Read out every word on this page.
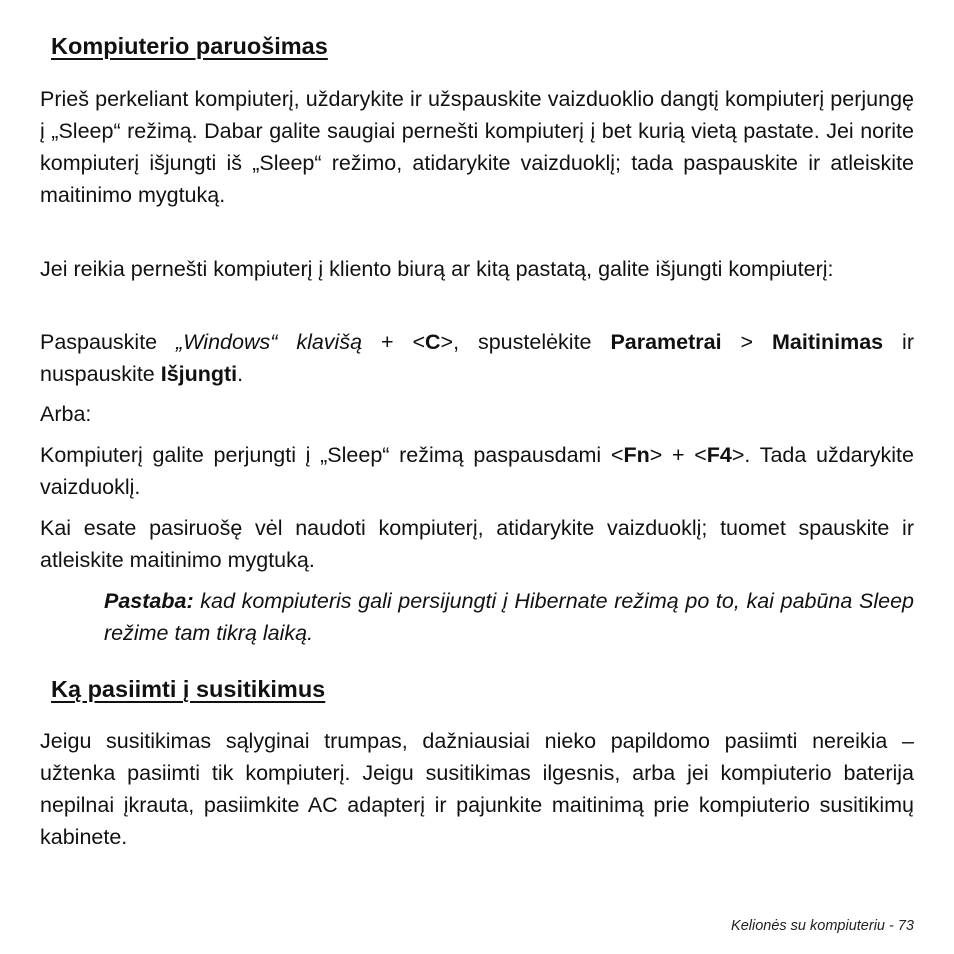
Kompiuterio paruošimas

Prieš perkeliant kompiuterį, uždarykite ir užspauskite vaizduoklio dangtį kompiuterį perjungę į „Sleep“ režimą. Dabar galite saugiai pernešti kompiuterį į bet kurią vietą pastate. Jei norite kompiuterį išjungti iš „Sleep“ režimo, atidarykite vaizduoklį; tada paspauskite ir atleiskite maitinimo mygtuką.

Jei reikia pernešti kompiuterį į kliento biurą ar kitą pastatą, galite išjungti kompiuterį:

Paspauskite „Windows“ klavišą + <C>, spustelėkite Parametrai > Maitinimas ir nuspauskite Išjungti.

Arba:

Kompiuterį galite perjungti į „Sleep“ režimą paspausdami <Fn> + <F4>. Tada uždarykite vaizduoklį.

Kai esate pasiruošę vėl naudoti kompiuterį, atidarykite vaizduoklį; tuomet spauskite ir atleiskite maitinimo mygtuką.

Pastaba: kad kompiuteris gali persijungti į Hibernate režimą po to, kai pabūna Sleep režime tam tikrą laiką.

Ką pasiimti į susitikimus

Jeigu susitikimas sąlyginai trumpas, dažniausiai nieko papildomo pasiimti nereikia – užtenka pasiimti tik kompiuterį. Jeigu susitikimas ilgesnis, arba jei kompiuterio baterija nepilnai įkrauta, pasiimkite AC adapterį ir pajunkite maitinimą prie kompiuterio susitikimų kabinete.

Kelionės su kompiuteriu - 73
